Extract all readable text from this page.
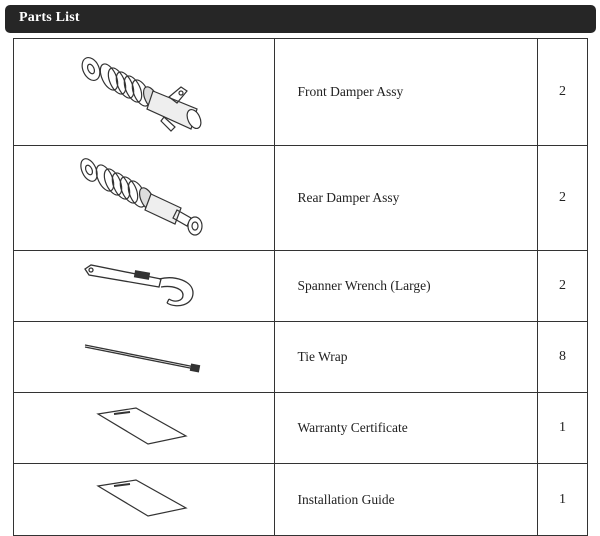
Parts List
	Front Damper Assy	2

	Rear Damper Assy	2

	Spanner Wrench (Large)	2

	Tie Wrap	8

	Warranty Certificate	1

	Installation Guide	1
